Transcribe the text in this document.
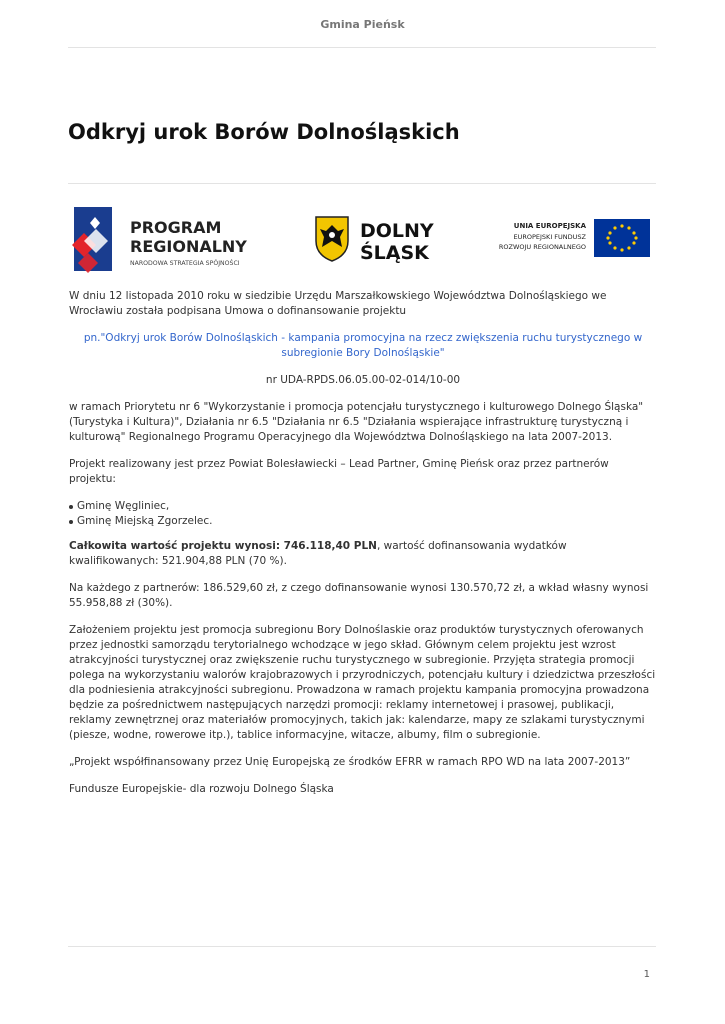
Gmina Pieńsk
Odkryj urok Borów Dolnośląskich
PROGRAM
REGIONALNY
NARODOWA STRATEGIA SPÓJNOŚCI
DOLNY
ŚLĄSK
UNIA EUROPEJSKA
EUROPEJSKI FUNDUSZ
ROZWOJU REGIONALNEGO

W dniu 12 listopada 2010 roku w siedzibie Urzędu Marszałkowskiego Województwa Dolnośląskiego we Wrocławiu została podpisana Umowa o dofinansowanie projektu

pn."Odkryj urok Borów Dolnośląskich - kampania promocyjna na rzecz zwiększenia ruchu turystycznego w subregionie Bory Dolnośląskie"

nr UDA-RPDS.06.05.00-02-014/10-00

w ramach Priorytetu nr 6 "Wykorzystanie i promocja potencjału turystycznego i kulturowego Dolnego Śląska" (Turystyka i Kultura)", Działania nr 6.5 "Działania nr 6.5 "Działania wspierające infrastrukturę turystyczną i kulturową" Regionalnego Programu Operacyjnego dla Województwa Dolnośląskiego na lata 2007-2013.

Projekt realizowany jest przez Powiat Bolesławiecki – Lead Partner, Gminę Pieńsk oraz przez partnerów projektu:

Gminę Węgliniec,
Gminę Miejską Zgorzelec.

Całkowita wartość projektu wynosi: 746.118,40 PLN, wartość dofinansowania wydatków kwalifikowanych: 521.904,88 PLN (70 %).

Na każdego z partnerów: 186.529,60 zł, z czego dofinansowanie wynosi 130.570,72 zł, a wkład własny wynosi 55.958,88 zł (30%).

Założeniem projektu jest promocja subregionu Bory Dolnoślaskie oraz produktów turystycznych oferowanych przez jednostki samorządu terytorialnego wchodzące w jego skład. Głównym celem projektu jest wzrost atrakcyjności turystycznej oraz zwiększenie ruchu turystycznego w subregionie. Przyjęta strategia promocji polega na wykorzystaniu walorów krajobrazowych i przyrodniczych, potencjału kultury i dziedzictwa przeszłości dla podniesienia atrakcyjności subregionu. Prowadzona w ramach projektu kampania promocyjna prowadzona będzie za pośrednictwem następujących narzędzi promocji: reklamy internetowej i prasowej, publikacji, reklamy zewnętrznej oraz materiałów promocyjnych, takich jak: kalendarze, mapy ze szlakami turystycznymi (piesze, wodne, rowerowe itp.), tablice informacyjne, witacze, albumy, film o subregionie.

„Projekt współfinansowany przez Unię Europejską ze środków EFRR w ramach RPO WD na lata 2007-2013”

Fundusze Europejskie- dla rozwoju Dolnego Śląska

1
